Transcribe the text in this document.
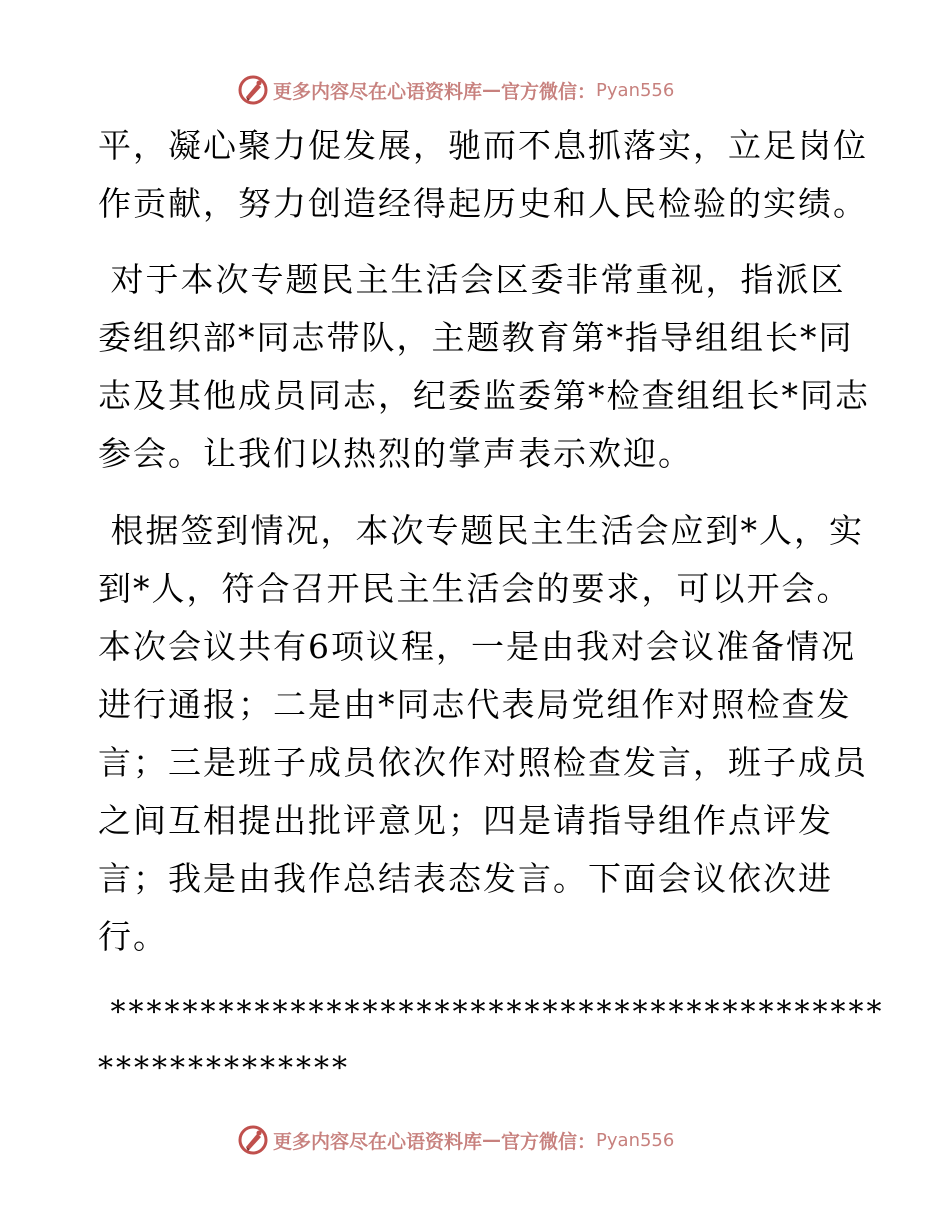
更多内容尽在心语资料库 — 官方微信： Pyan556
平，凝心聚力促发展，驰而不息抓落实，立足岗位
作贡献，努力创造经得起历史和人民检验的实绩。
对于本次专题民主生活会区委非常重视，指派区
委组织部*同志带队，主题教育第*指导组组长*同
志及其他成员同志，纪委监委第*检查组组长*同志
参会。让我们以热烈的掌声表示欢迎。
根据签到情况，本次专题民主生活会应到*人，实
到*人，符合召开民主生活会的要求，可以开会。
本次会议共有6项议程，一是由我对会议准备情况
进行通报；二是由*同志代表局党组作对照检查发
言；三是班子成员依次作对照检查发言，班子成员
之间互相提出批评意见；四是请指导组作点评发
言；我是由我作总结表态发言。下面会议依次进
行。
*******************************************
**************
更多内容尽在心语资料库 — 官方微信： Pyan556
